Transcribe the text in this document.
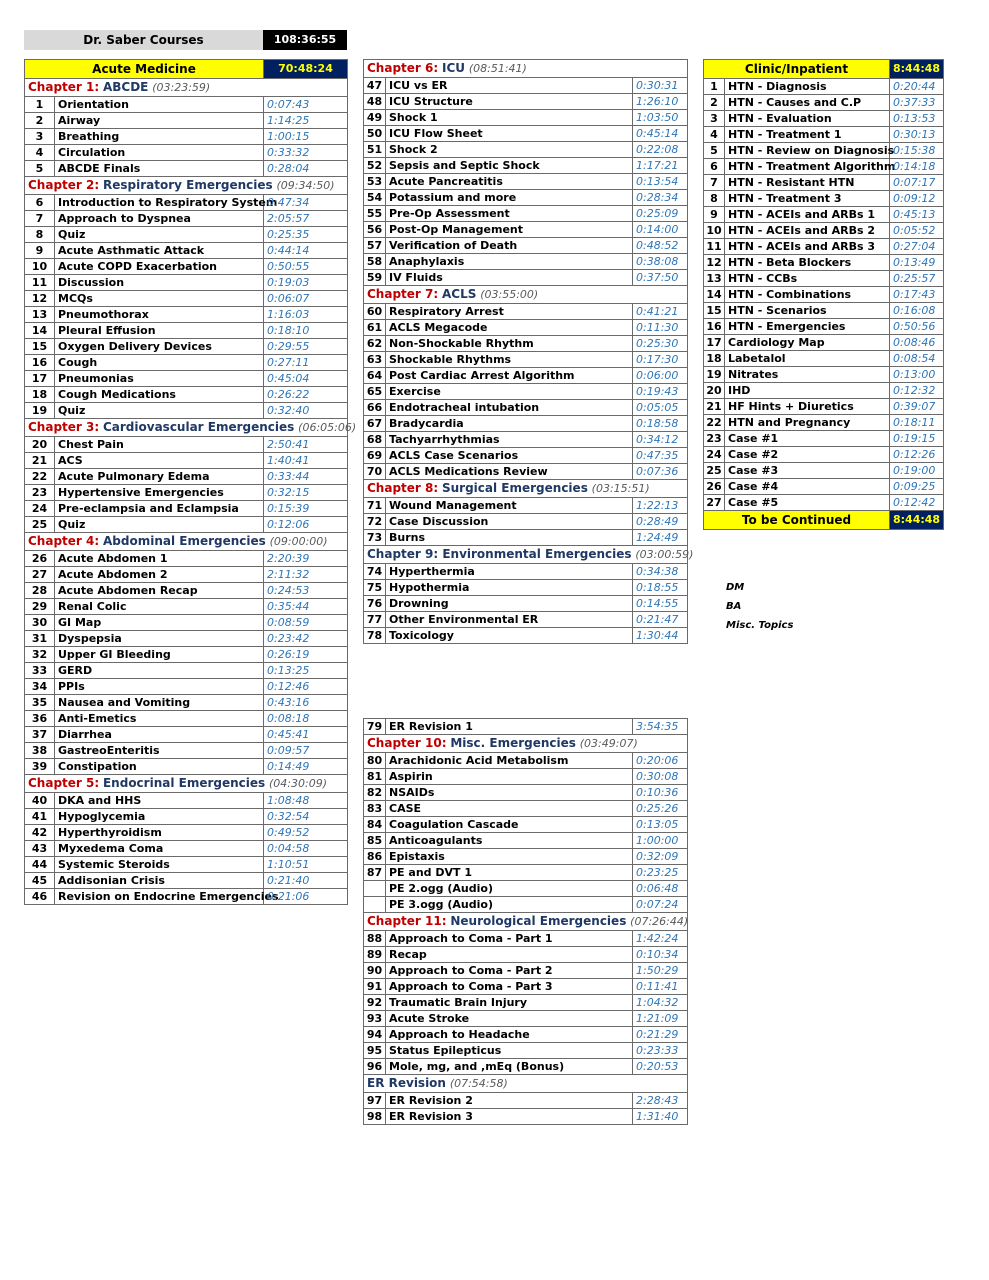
Dr. Saber Courses	108:36:55
Acute Medicine		70:48:24
Chapter 1: ABCDE (03:23:59)		
1	Orientation	0:07:43
2	Airway	1:14:25
3	Breathing	1:00:15
4	Circulation	0:33:32
5	ABCDE Finals	0:28:04
Chapter 2: Respiratory Emergencies (09:34:50)		
6	Introduction to Respiratory System	0:47:34
7	Approach to Dyspnea	2:05:57
8	Quiz	0:25:35
9	Acute Asthmatic Attack	0:44:14
10	Acute COPD Exacerbation	0:50:55
11	Discussion	0:19:03
12	MCQs	0:06:07
13	Pneumothorax	1:16:03
14	Pleural Effusion	0:18:10
15	Oxygen Delivery Devices	0:29:55
16	Cough	0:27:11
17	Pneumonias	0:45:04
18	Cough Medications	0:26:22
19	Quiz	0:32:40
Chapter 3: Cardiovascular Emergencies (06:05:06)		
20	Chest Pain	2:50:41
21	ACS	1:40:41
22	Acute Pulmonary Edema	0:33:44
23	Hypertensive Emergencies	0:32:15
24	Pre-eclampsia and Eclampsia	0:15:39
25	Quiz	0:12:06
Chapter 4: Abdominal Emergencies (09:00:00)		
26	Acute Abdomen 1	2:20:39
27	Acute Abdomen 2	2:11:32
28	Acute Abdomen Recap	0:24:53
29	Renal Colic	0:35:44
30	GI Map	0:08:59
31	Dyspepsia	0:23:42
32	Upper GI Bleeding	0:26:19
33	GERD	0:13:25
34	PPIs	0:12:46
35	Nausea and Vomiting	0:43:16
36	Anti-Emetics	0:08:18
37	Diarrhea	0:45:41
38	GastreoEnteritis	0:09:57
39	Constipation	0:14:49
Chapter 5: Endocrinal Emergencies (04:30:09)		
40	DKA and HHS	1:08:48
41	Hypoglycemia	0:32:54
42	Hyperthyroidism	0:49:52
43	Myxedema Coma	0:04:58
44	Systemic Steroids	1:10:51
45	Addisonian Crisis	0:21:40
46	Revision on Endocrine Emergencies	0:21:06
Chapter 6: ICU (08:51:41)		
47	ICU vs ER	0:30:31
48	ICU Structure	1:26:10
49	Shock 1	1:03:50
50	ICU Flow Sheet	0:45:14
51	Shock 2	0:22:08
52	Sepsis and Septic Shock	1:17:21
53	Acute Pancreatitis	0:13:54
54	Potassium and more	0:28:34
55	Pre-Op Assessment	0:25:09
56	Post-Op Management	0:14:00
57	Verification of Death	0:48:52
58	Anaphylaxis	0:38:08
59	IV Fluids	0:37:50
Chapter 7: ACLS (03:55:00)		
60	Respiratory Arrest	0:41:21
61	ACLS Megacode	0:11:30
62	Non-Shockable Rhythm	0:25:30
63	Shockable Rhythms	0:17:30
64	Post Cardiac Arrest Algorithm	0:06:00
65	Exercise	0:19:43
66	Endotracheal intubation	0:05:05
67	Bradycardia	0:18:58
68	Tachyarrhythmias	0:34:12
69	ACLS Case Scenarios	0:47:35
70	ACLS Medications Review	0:07:36
Chapter 8: Surgical Emergencies (03:15:51)		
71	Wound Management	1:22:13
72	Case Discussion	0:28:49
73	Burns	1:24:49
Chapter 9: Environmental Emergencies (03:00:59)		
74	Hyperthermia	0:34:38
75	Hypothermia	0:18:55
76	Drowning	0:14:55
77	Other Environmental ER	0:21:47
78	Toxicology	1:30:44
79	ER Revision 1	3:54:35
Chapter 10: Misc. Emergencies (03:49:07)		
80	Arachidonic Acid Metabolism	0:20:06
81	Aspirin	0:30:08
82	NSAIDs	0:10:36
83	CASE	0:25:26
84	Coagulation Cascade	0:13:05
85	Anticoagulants	1:00:00
86	Epistaxis	0:32:09
87	PE and DVT 1	0:23:25
	PE 2.ogg (Audio)	0:06:48
	PE 3.ogg (Audio)	0:07:24
Chapter 11: Neurological Emergencies (07:26:44)		
88	Approach to Coma - Part 1	1:42:24
89	Recap	0:10:34
90	Approach to Coma - Part 2	1:50:29
91	Approach to Coma - Part 3	0:11:41
92	Traumatic Brain Injury	1:04:32
93	Acute Stroke	1:21:09
94	Approach to Headache	0:21:29
95	Status Epilepticus	0:23:33
96	Mole, mg, and ,mEq (Bonus)	0:20:53
ER Revision (07:54:58)		
97	ER Revision 2	2:28:43
98	ER Revision 3	1:31:40
Clinic/Inpatient		8:44:48
1	HTN - Diagnosis	0:20:44
2	HTN - Causes and C.P	0:37:33
3	HTN - Evaluation	0:13:53
4	HTN - Treatment 1	0:30:13
5	HTN - Review on Diagnosis	0:15:38
6	HTN - Treatment Algorithm	0:14:18
7	HTN - Resistant HTN	0:07:17
8	HTN - Treatment 3	0:09:12
9	HTN - ACEIs and ARBs 1	0:45:13
10	HTN - ACEIs and ARBs 2	0:05:52
11	HTN - ACEIs and ARBs 3	0:27:04
12	HTN - Beta Blockers	0:13:49
13	HTN - CCBs	0:25:57
14	HTN - Combinations	0:17:43
15	HTN - Scenarios	0:16:08
16	HTN - Emergencies	0:50:56
17	Cardiology Map	0:08:46
18	Labetalol	0:08:54
19	Nitrates	0:13:00
20	IHD	0:12:32
21	HF Hints + Diuretics	0:39:07
22	HTN and Pregnancy	0:18:11
23	Case #1	0:19:15
24	Case #2	0:12:26
25	Case #3	0:19:00
26	Case #4	0:09:25
27	Case #5	0:12:42
To be Continued		8:44:48
DM
BA
Misc. Topics
